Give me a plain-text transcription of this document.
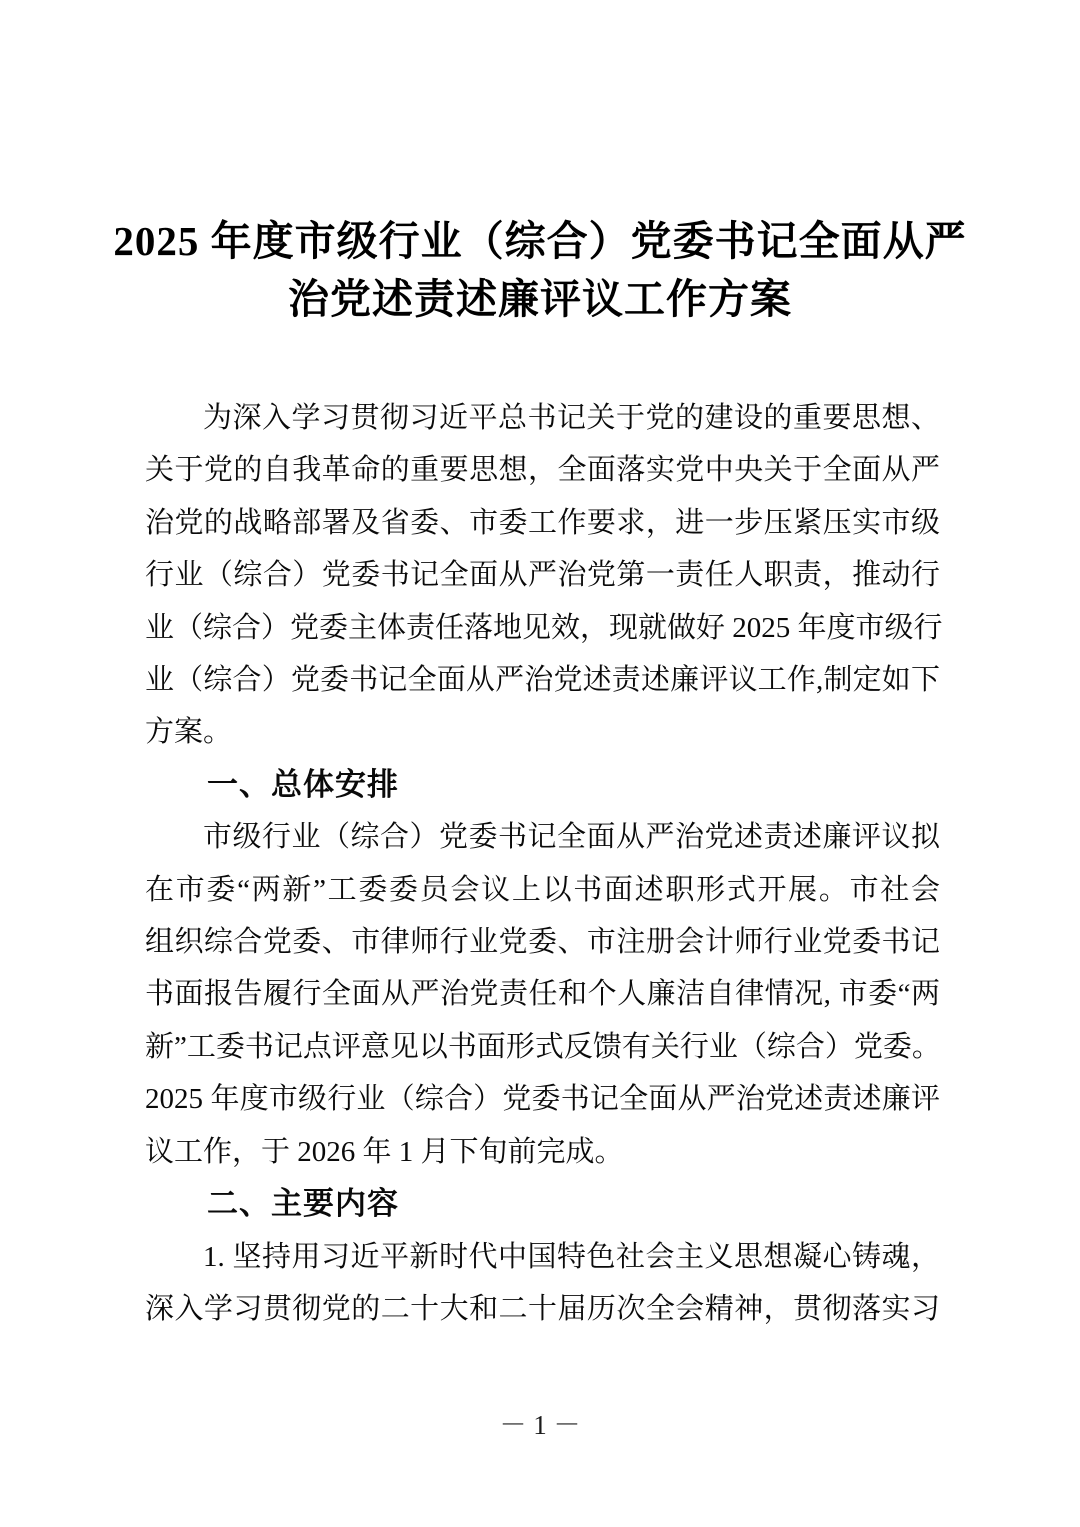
2025 年度市级行业（综合）党委书记全面从严
治党述责述廉评议工作方案
为深入学习贯彻习近平总书记关于党的建设的重要思想、
关于党的自我革命的重要思想，全面落实党中央关于全面从严
治党的战略部署及省委、市委工作要求，进一步压紧压实市级
行业（综合）党委书记全面从严治党第一责任人职责，推动行
业（综合）党委主体责任落地见效，现就做好 2025 年度市级行
业（综合）党委书记全面从严治党述责述廉评议工作,制定如下
方案。
一、总体安排
市级行业（综合）党委书记全面从严治党述责述廉评议拟
在市委“两新”工委委员会议上以书面述职形式开展。市社会
组织综合党委、市律师行业党委、市注册会计师行业党委书记
书面报告履行全面从严治党责任和个人廉洁自律情况, 市委“两
新”工委书记点评意见以书面形式反馈有关行业（综合）党委。
2025 年度市级行业（综合）党委书记全面从严治党述责述廉评
议工作，于 2026 年 1 月下旬前完成。
二、主要内容
1. 坚持用习近平新时代中国特色社会主义思想凝心铸魂，
深入学习贯彻党的二十大和二十届历次全会精神，贯彻落实习
－ 1 －
